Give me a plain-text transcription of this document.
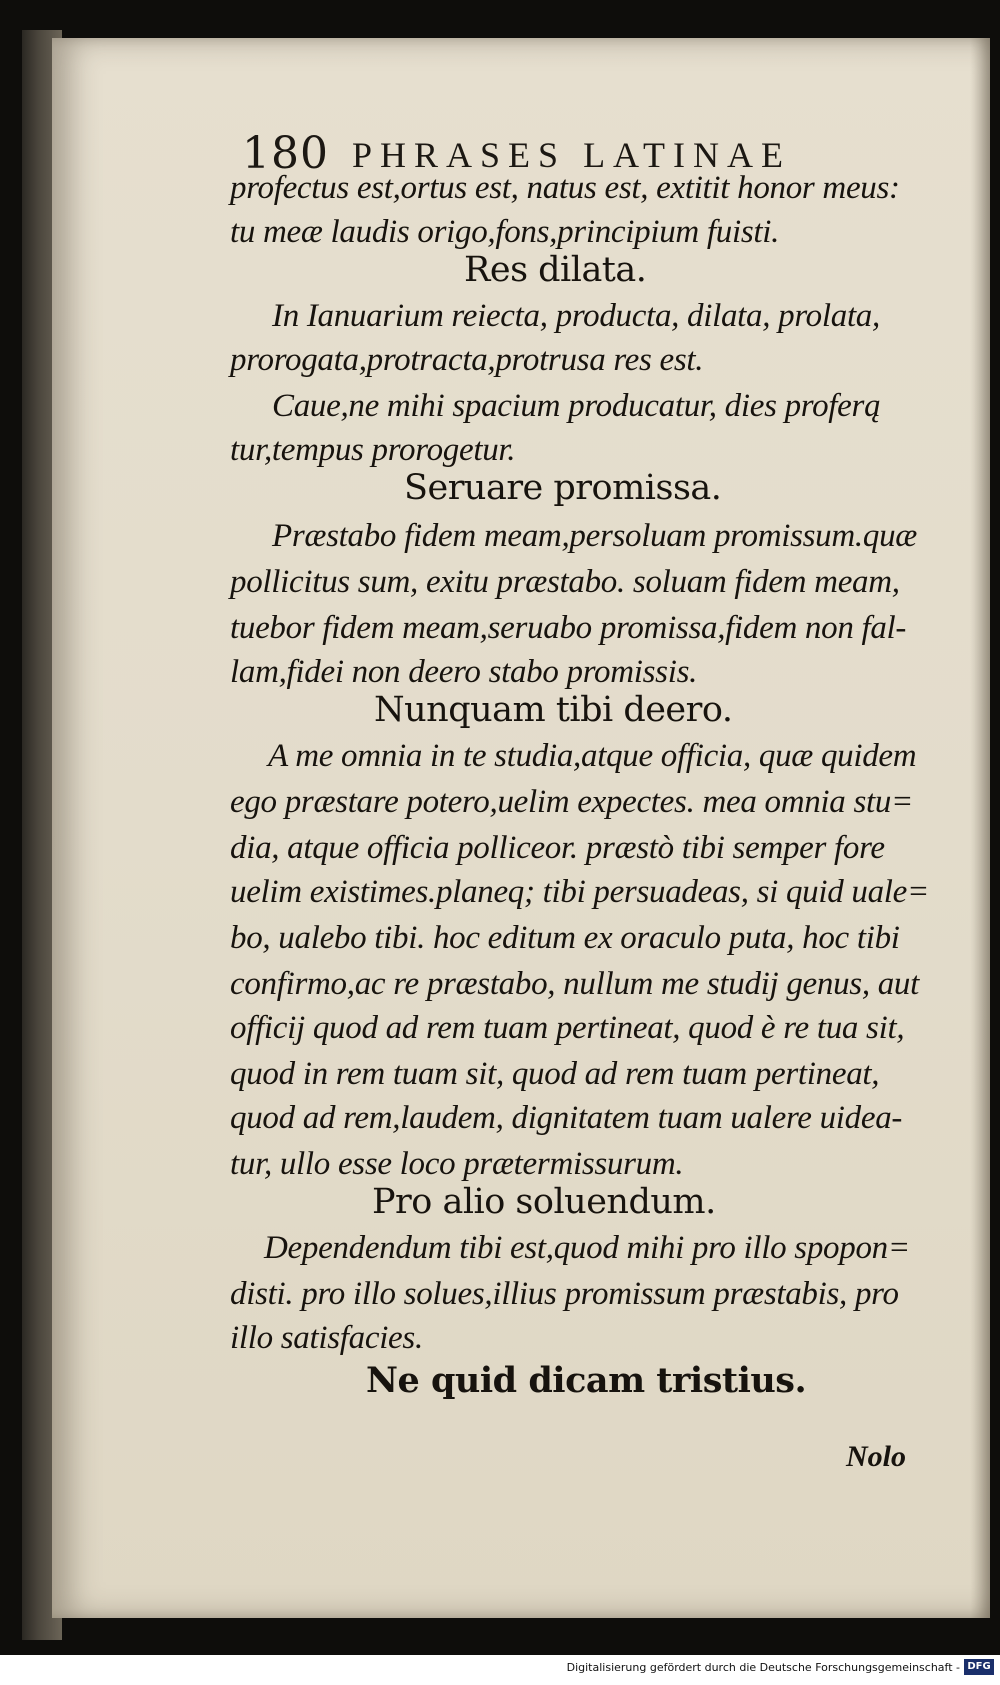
180 PHRASES LATINAE
profectus est,ortus est, natus est, extitit honor meus:
tu meæ laudis origo,fons,principium fuisti.
Res dilata.
In Ianuarium reiecta, producta, dilata, prolata,
prorogata,protracta,protrusa res est.
Caue,ne mihi spacium producatur, dies proferą
tur,tempus prorogetur.
Seruare promissa.
Præstabo fidem meam,persoluam promissum.quæ
pollicitus sum, exitu præstabo. soluam fidem meam,
tuebor fidem meam,seruabo promissa,fidem non fal-
lam,fidei non deero stabo promissis.
Nunquam tibi deero.
A me omnia in te studia,atque officia, quæ quidem
ego præstare potero,uelim expectes. mea omnia stu=
dia, atque officia polliceor. præstò tibi semper fore
uelim existimes.planeq; tibi persuadeas, si quid uale=
bo, ualebo tibi. hoc editum ex oraculo puta, hoc tibi
confirmo,ac re præstabo, nullum me studij genus, aut
officij quod ad rem tuam pertineat, quod è re tua sit,
quod in rem tuam sit, quod ad rem tuam pertineat,
quod ad rem,laudem, dignitatem tuam ualere uidea-
tur, ullo esse loco prætermissurum.
Pro alio soluendum.
Dependendum tibi est,quod mihi pro illo spopon=
disti. pro illo solues,illius promissum præstabis, pro
illo satisfacies.
Ne quid dicam tristius.
Nolo
Digitalisierung gefördert durch die Deutsche Forschungsgemeinschaft - DFG
